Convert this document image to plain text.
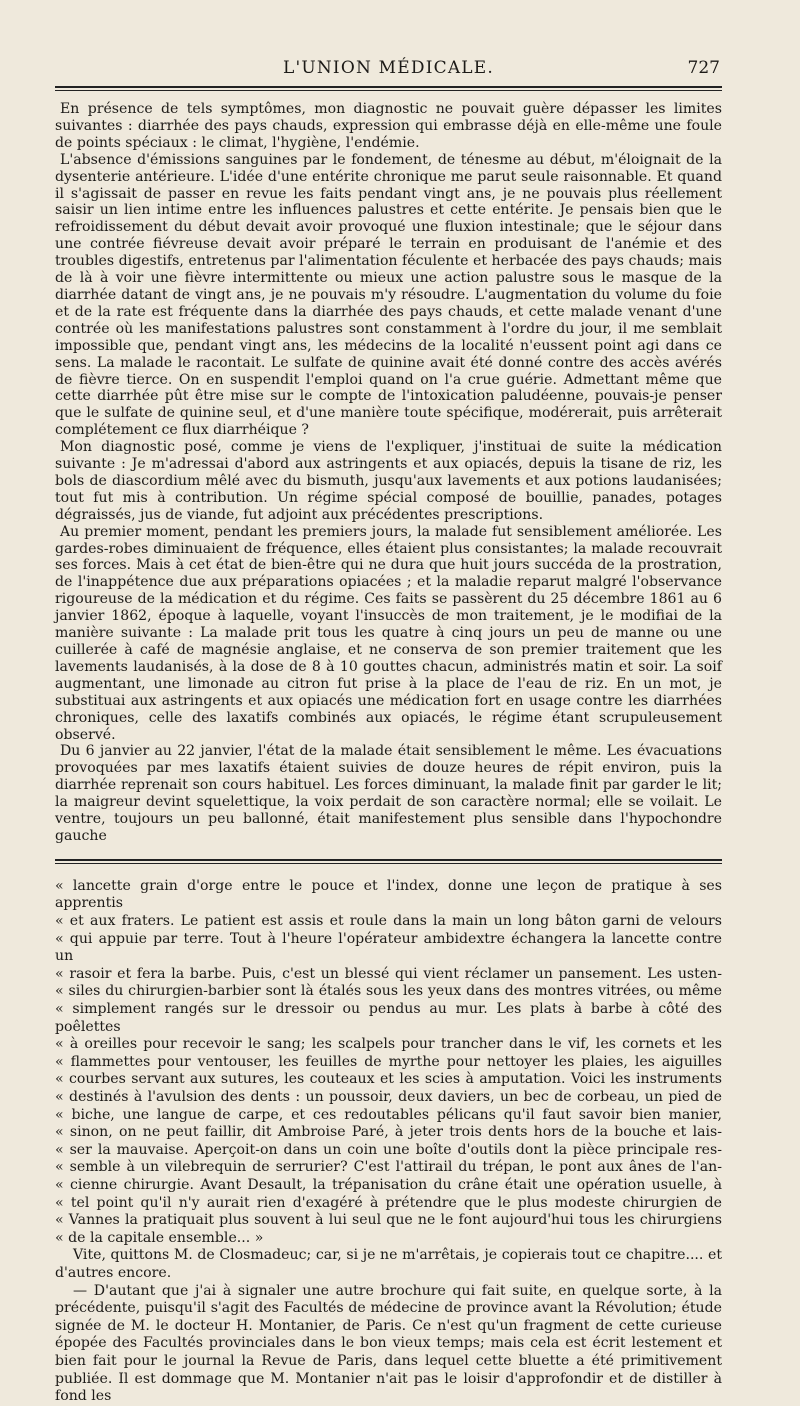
L'UNION MÉDICALE.	727

En présence de tels symptômes, mon diagnostic ne pouvait guère dépasser les limites suivantes : diarrhée des pays chauds, expression qui embrasse déjà en elle-même une foule de points spéciaux : le climat, l'hygiène, l'endémie.

L'absence d'émissions sanguines par le fondement, de ténesme au début, m'éloignait de la dysenterie antérieure. L'idée d'une entérite chronique me parut seule raisonnable. Et quand il s'agissait de passer en revue les faits pendant vingt ans, je ne pouvais plus réellement saisir un lien intime entre les influences palustres et cette entérite. Je pensais bien que le refroidissement du début devait avoir provoqué une fluxion intestinale; que le séjour dans une contrée fiévreuse devait avoir préparé le terrain en produisant de l'anémie et des troubles digestifs, entretenus par l'alimentation féculente et herbacée des pays chauds; mais de là à voir une fièvre intermittente ou mieux une action palustre sous le masque de la diarrhée datant de vingt ans, je ne pouvais m'y résoudre. L'augmentation du volume du foie et de la rate est fréquente dans la diarrhée des pays chauds, et cette malade venant d'une contrée où les manifestations palustres sont constamment à l'ordre du jour, il me semblait impossible que, pendant vingt ans, les médecins de la localité n'eussent point agi dans ce sens. La malade le racontait. Le sulfate de quinine avait été donné contre des accès avérés de fièvre tierce. On en suspendit l'emploi quand on l'a crue guérie. Admettant même que cette diarrhée pût être mise sur le compte de l'intoxication paludéenne, pouvais-je penser que le sulfate de quinine seul, et d'une manière toute spécifique, modérerait, puis arrêterait complétement ce flux diarrhéique ?

Mon diagnostic posé, comme je viens de l'expliquer, j'instituai de suite la médication suivante : Je m'adressai d'abord aux astringents et aux opiacés, depuis la tisane de riz, les bols de diascordium mêlé avec du bismuth, jusqu'aux lavements et aux potions laudanisées; tout fut mis à contribution. Un régime spécial composé de bouillie, panades, potages dégraissés, jus de viande, fut adjoint aux précédentes prescriptions.

Au premier moment, pendant les premiers jours, la malade fut sensiblement améliorée. Les gardes-robes diminuaient de fréquence, elles étaient plus consistantes; la malade recouvrait ses forces. Mais à cet état de bien-être qui ne dura que huit jours succéda de la prostration, de l'inappétence due aux préparations opiacées ; et la maladie reparut malgré l'observance rigoureuse de la médication et du régime. Ces faits se passèrent du 25 décembre 1861 au 6 janvier 1862, époque à laquelle, voyant l'insuccès de mon traitement, je le modifiai de la manière suivante : La malade prit tous les quatre à cinq jours un peu de manne ou une cuillerée à café de magnésie anglaise, et ne conserva de son premier traitement que les lavements laudanisés, à la dose de 8 à 10 gouttes chacun, administrés matin et soir. La soif augmentant, une limonade au citron fut prise à la place de l'eau de riz. En un mot, je substituai aux astringents et aux opiacés une médication fort en usage contre les diarrhées chroniques, celle des laxatifs combinés aux opiacés, le régime étant scrupuleusement observé.

Du 6 janvier au 22 janvier, l'état de la malade était sensiblement le même. Les évacuations provoquées par mes laxatifs étaient suivies de douze heures de répit environ, puis la diarrhée reprenait son cours habituel. Les forces diminuant, la malade finit par garder le lit; la maigreur devint squelettique, la voix perdait de son caractère normal; elle se voilait. Le ventre, toujours un peu ballonné, était manifestement plus sensible dans l'hypochondre gauche

« lancette grain d'orge entre le pouce et l'index, donne une leçon de pratique à ses apprentis
« et aux fraters. Le patient est assis et roule dans la main un long bâton garni de velours
« qui appuie par terre. Tout à l'heure l'opérateur ambidextre échangera la lancette contre un
« rasoir et fera la barbe. Puis, c'est un blessé qui vient réclamer un pansement. Les usten-
« siles du chirurgien-barbier sont là étalés sous les yeux dans des montres vitrées, ou même
« simplement rangés sur le dressoir ou pendus au mur. Les plats à barbe à côté des poêlettes
« à oreilles pour recevoir le sang; les scalpels pour trancher dans le vif, les cornets et les
« flammettes pour ventouser, les feuilles de myrthe pour nettoyer les plaies, les aiguilles
« courbes servant aux sutures, les couteaux et les scies à amputation. Voici les instruments
« destinés à l'avulsion des dents : un poussoir, deux daviers, un bec de corbeau, un pied de
« biche, une langue de carpe, et ces redoutables pélicans qu'il faut savoir bien manier,
« sinon, on ne peut faillir, dit Ambroise Paré, à jeter trois dents hors de la bouche et lais-
« ser la mauvaise. Aperçoit-on dans un coin une boîte d'outils dont la pièce principale res-
« semble à un vilebrequin de serrurier? C'est l'attirail du trépan, le pont aux ânes de l'an-
« cienne chirurgie. Avant Desault, la trépanisation du crâne était une opération usuelle, à
« tel point qu'il n'y aurait rien d'exagéré à prétendre que le plus modeste chirurgien de
« Vannes la pratiquait plus souvent à lui seul que ne le font aujourd'hui tous les chirurgiens
« de la capitale ensemble... »

Vite, quittons M. de Closmadeuc; car, si je ne m'arrêtais, je copierais tout ce chapitre.... et d'autres encore.

— D'autant que j'ai à signaler une autre brochure qui fait suite, en quelque sorte, à la précédente, puisqu'il s'agit des Facultés de médecine de province avant la Révolution; étude signée de M. le docteur H. Montanier, de Paris. Ce n'est qu'un fragment de cette curieuse épopée des Facultés provinciales dans le bon vieux temps; mais cela est écrit lestement et bien fait pour le journal la Revue de Paris, dans lequel cette bluette a été primitivement publiée. Il est dommage que M. Montanier n'ait pas le loisir d'approfondir et de distiller à fond les
